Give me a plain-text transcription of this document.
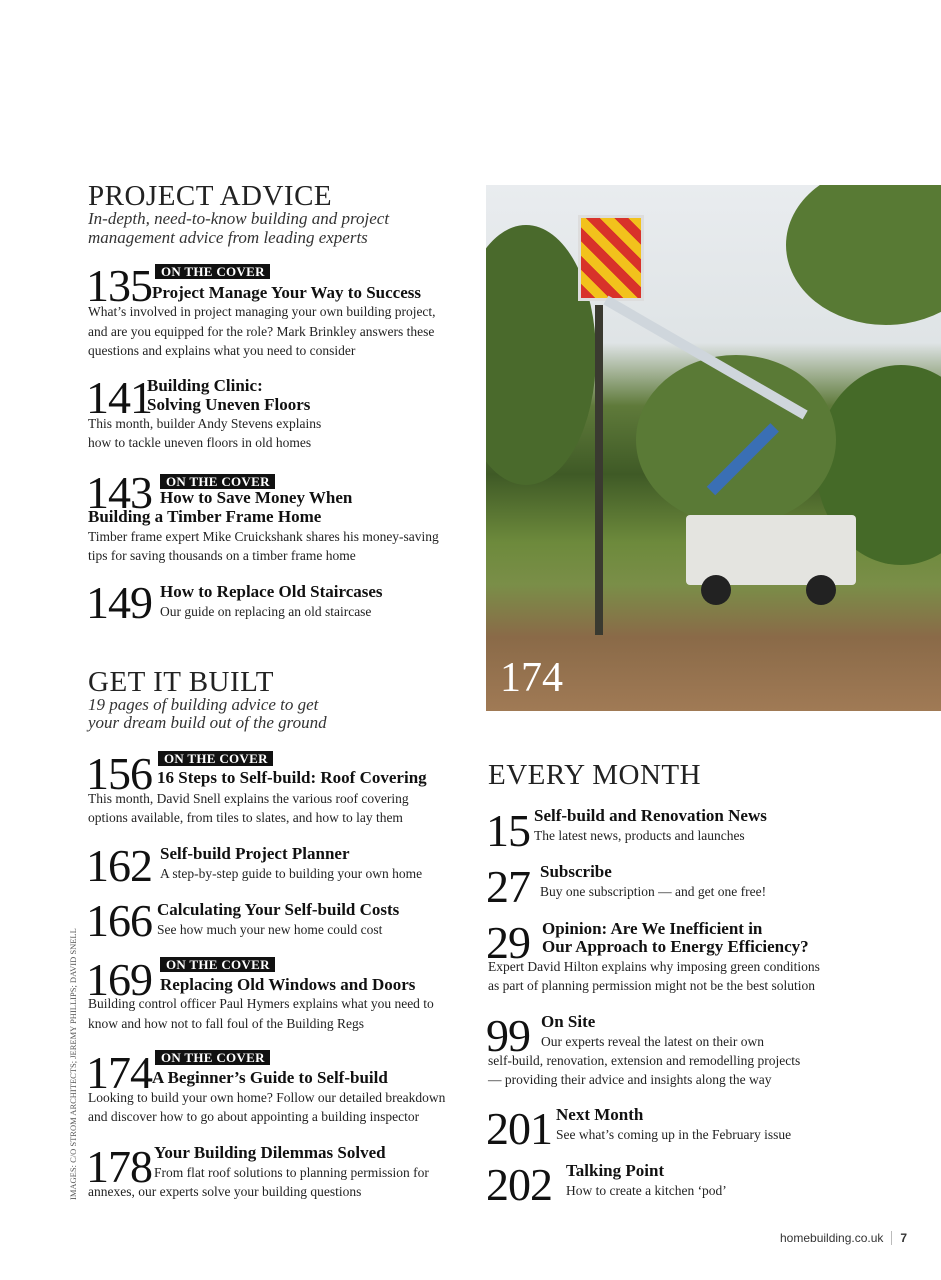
PROJECT ADVICE
In-depth, need-to-know building and project
management advice from leading experts
135 ON THE COVER
Project Manage Your Way to Success
What’s involved in project managing your own building project,
and are you equipped for the role? Mark Brinkley answers these
questions and explains what you need to consider
141
Building Clinic:
Solving Uneven Floors
This month, builder Andy Stevens explains
how to tackle uneven floors in old homes
143	ON THE COVER
How to Save Money When
Building a Timber Frame Home
Timber frame expert Mike Cruickshank shares his money-saving
tips for saving thousands on a timber frame home
149 How to Replace Old Staircases
Our guide on replacing an old staircase
GET IT BUILT
19 pages of building advice to get
your dream build out of the ground
156 ON THE COVER
16 Steps to Self-build: Roof Covering
This month, David Snell explains the various roof covering
options available, from tiles to slates, and how to lay them
162 Self-build Project Planner
A step-by-step guide to building your own home
166 Calculating Your Self-build Costs
See how much your new home could cost
169	ON THE COVER
Replacing Old Windows and Doors
Building control officer Paul Hymers explains what you need to
know and how not to fall foul of the Building Regs
174 ON THE COVER
A Beginner’s Guide to Self-build
Looking to build your own home? Follow our detailed breakdown
and discover how to go about appointing a building inspector
178 Your Building Dilemmas Solved
From flat roof solutions to planning permission for
annexes, our experts solve your building questions
IMAGES: C/O STROM ARCHITECTS; JEREMY PHILLIPS; DAVID SNELL
174
EVERY MONTH
15 Self-build and Renovation News
The latest news, products and launches
27 Subscribe
Buy one subscription — and get one free!
29 Opinion: Are We Inefficient in
Our Approach to Energy Efficiency?
Expert David Hilton explains why imposing green conditions
as part of planning permission might not be the best solution
99 On Site
Our experts reveal the latest on their own
self-build, renovation, extension and remodelling projects
— providing their advice and insights along the way
201 Next Month
See what’s coming up in the February issue
202 Talking Point
How to create a kitchen ‘pod’
homebuilding.co.uk 7
